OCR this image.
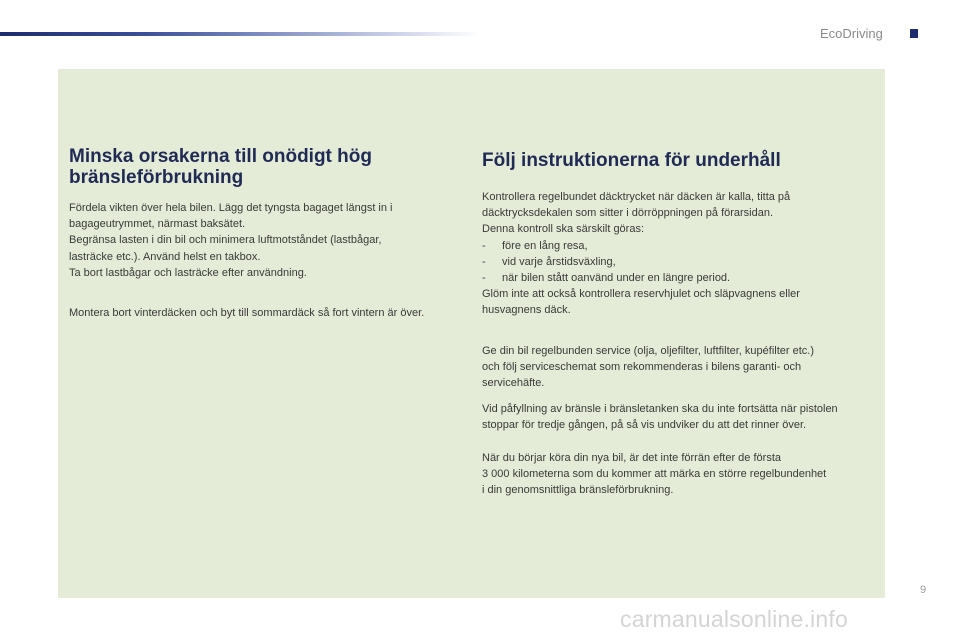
EcoDriving
Minska orsakerna till onödigt hög
bränsleförbrukning

Fördela vikten över hela bilen. Lägg det tyngsta bagaget längst in i
bagageutrymmet, närmast baksätet.
Begränsa lasten i din bil och minimera luftmotståndet (lastbågar,
lasträcke etc.). Använd helst en takbox.
Ta bort lastbågar och lasträcke efter användning.

Montera bort vinterdäcken och byt till sommardäck så fort vintern är över.

Följ instruktionerna för underhåll

Kontrollera regelbundet däcktrycket när däcken är kalla, titta på
däcktrycksdekalen som sitter i dörröppningen på förarsidan.
Denna kontroll ska särskilt göras:
- före en lång resa,
- vid varje årstidsväxling,
- när bilen stått oanvänd under en längre period.
Glöm inte att också kontrollera reservhjulet och släpvagnens eller
husvagnens däck.

Ge din bil regelbunden service (olja, oljefilter, luftfilter, kupéfilter etc.)
och följ serviceschemat som rekommenderas i bilens garanti- och
servicehäfte.

Vid påfyllning av bränsle i bränsletanken ska du inte fortsätta när pistolen
stoppar för tredje gången, på så vis undviker du att det rinner över.

När du börjar köra din nya bil, är det inte förrän efter de första
3 000 kilometerna som du kommer att märka en större regelbundenhet
i din genomsnittliga bränsleförbrukning.

9
carmanualsonline.info
